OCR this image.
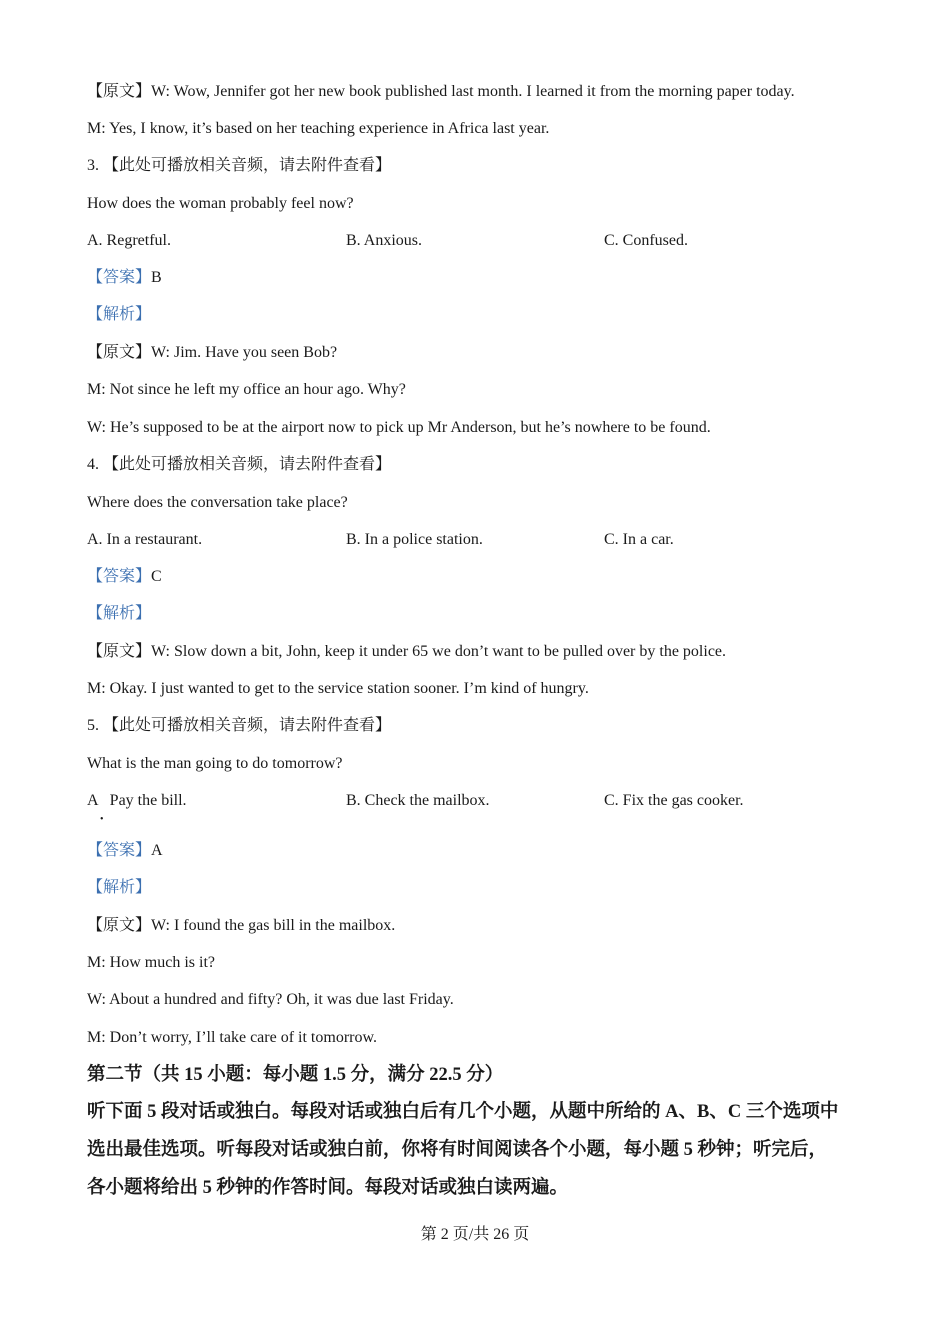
【原文】W: Wow, Jennifer got her new book published last month. I learned it from the morning paper today.
M: Yes, I know, it’s based on her teaching experience in Africa last year.
3. 【此处可播放相关音频，请去附件查看】
How does the woman probably feel now?
A. Regretful.	B. Anxious.	C. Confused.
【答案】B
【解析】
【原文】W: Jim. Have you seen Bob?
M: Not since he left my office an hour ago. Why?
W: He’s supposed to be at the airport now to pick up Mr Anderson, but he’s nowhere to be found.
4. 【此处可播放相关音频，请去附件查看】
Where does the conversation take place?
A. In a restaurant.	B. In a police station.	C. In a car.
【答案】C
【解析】
【原文】W: Slow down a bit, John, keep it under 65 we don’t want to be pulled over by the police.
M: Okay. I just wanted to get to the service station sooner. I’m kind of hungry.
5. 【此处可播放相关音频，请去附件查看】
What is the man going to do tomorrow?
A   Pay the bill.
•
B. Check the mailbox.	C. Fix the gas cooker.
【答案】A
【解析】
【原文】W: I found the gas bill in the mailbox.
M: How much is it?
W: About a hundred and fifty? Oh, it was due last Friday.
M: Don’t worry, I’ll take care of it tomorrow.
第二节（共 15 小题：每小题 1.5 分，满分 22.5 分）
听下面 5 段对话或独白。每段对话或独白后有几个小题，从题中所给的 A、B、C 三个选项中
选出最佳选项。听每段对话或独白前，你将有时间阅读各个小题，每小题 5 秒钟；听完后，
各小题将给出 5 秒钟的作答时间。每段对话或独白读两遍。
第 2 页/共 26 页
